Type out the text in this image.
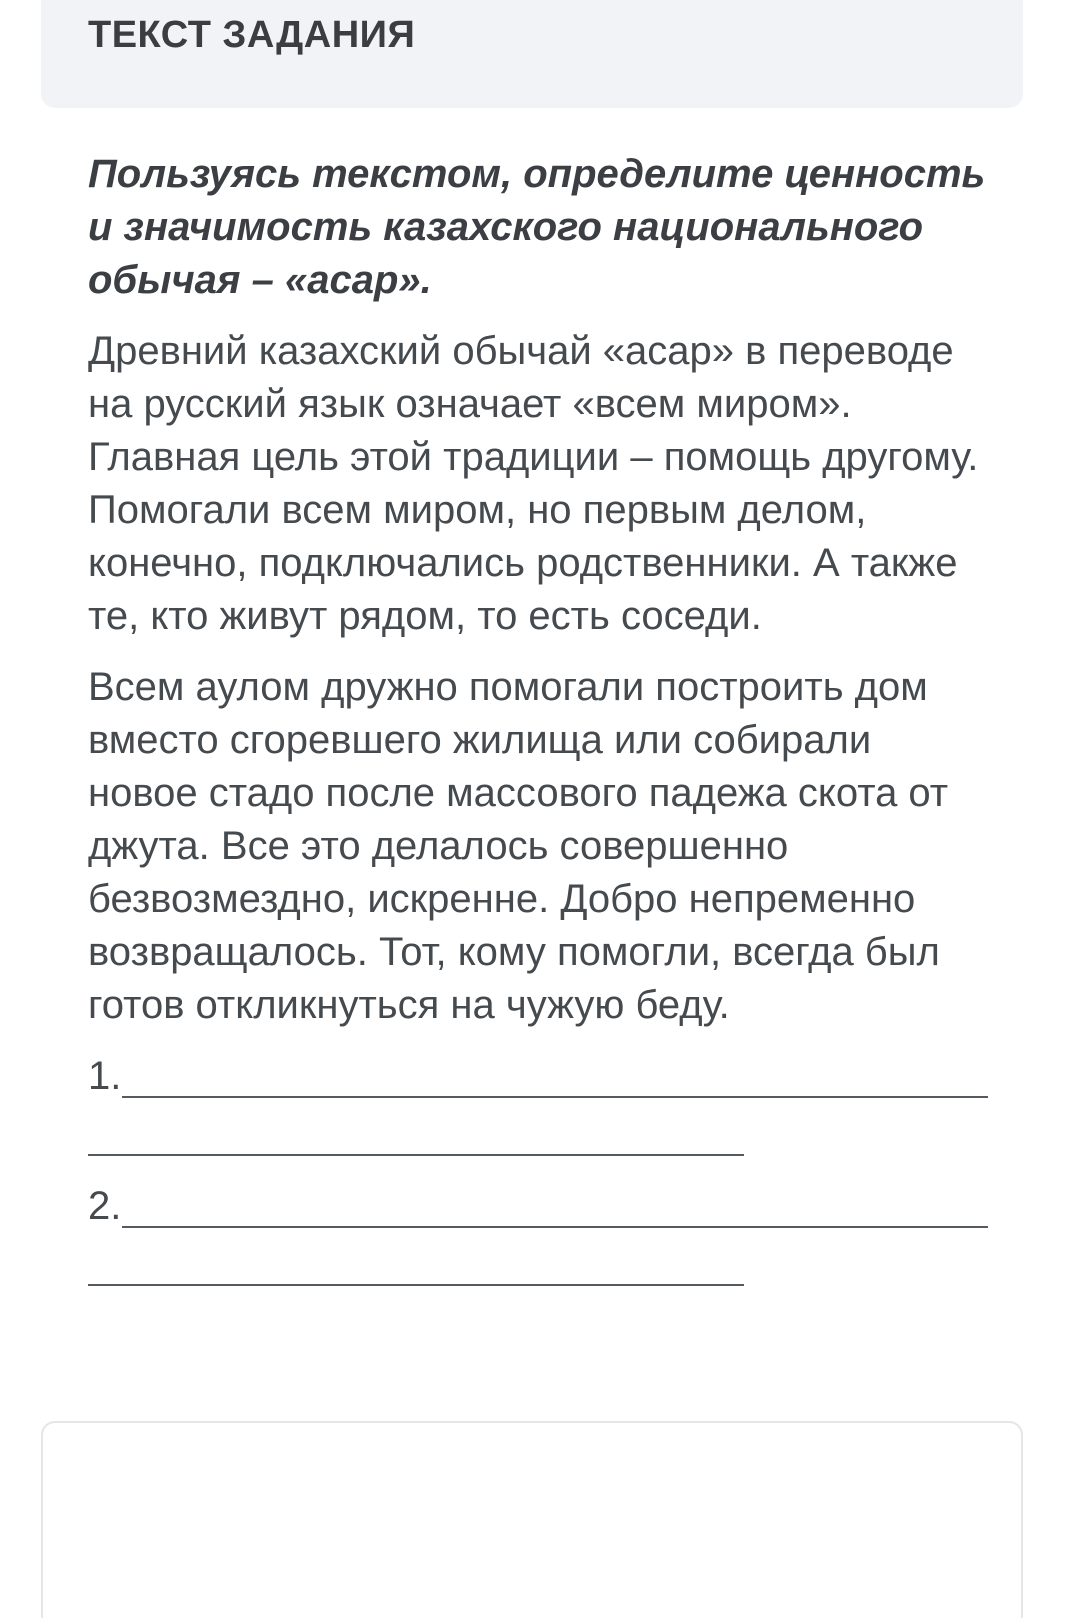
ТЕКСТ ЗАДАНИЯ

Пользуясь текстом, определите ценность и значимость казахского национального обычая – «асар».

Древний казахский обычай «асар» в переводе на русский язык означает «всем миром». Главная цель этой традиции – помощь другому. Помогали всем миром, но первым делом, конечно, подключались родственники. А также те, кто живут рядом, то есть соседи.

Всем аулом дружно помогали построить дом вместо сгоревшего жилища или собирали новое стадо после массового падежа скота от джута. Все это делалось совершенно безвозмездно, искренне. Добро непременно возвращалось. Тот, кому помогли, всегда был готов откликнуться на чужую беду.

1.
2.
